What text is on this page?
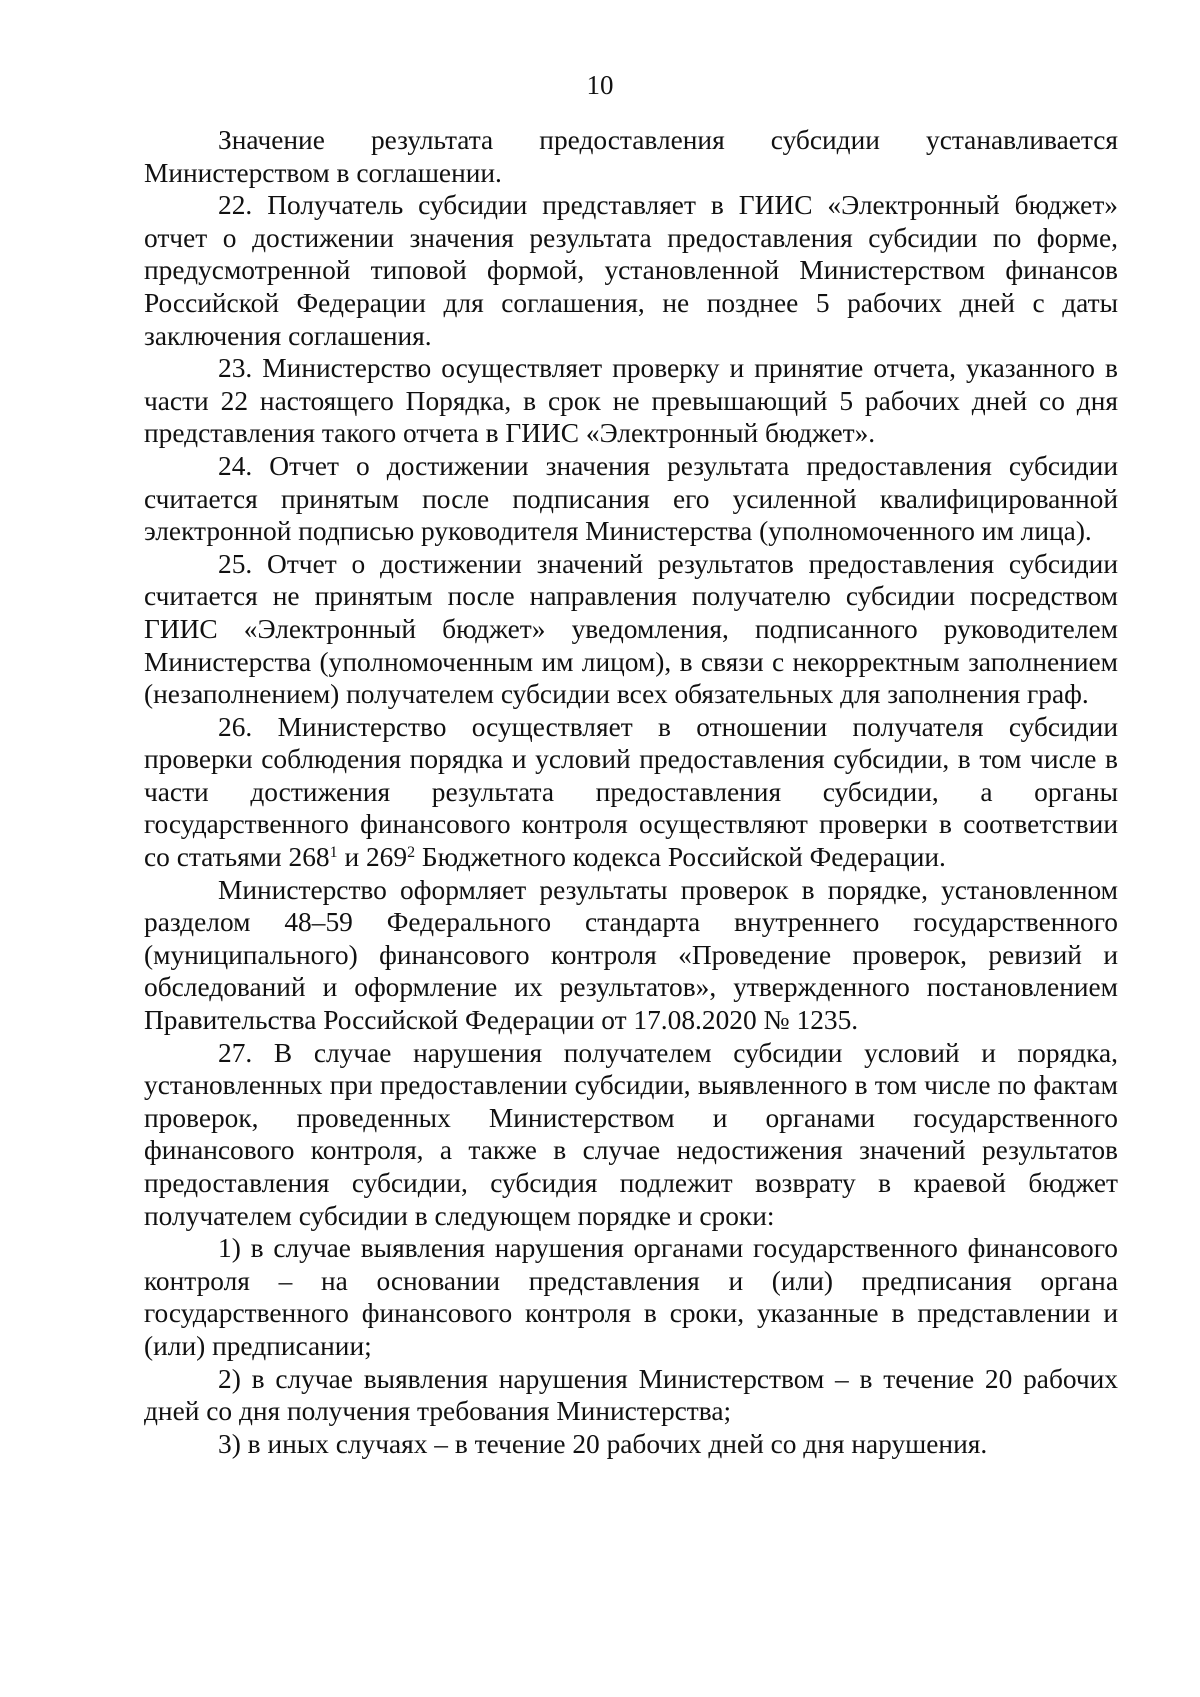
10

Значение результата предоставления субсидии устанавливается Министерством в соглашении.

22. Получатель субсидии представляет в ГИИС «Электронный бюджет» отчет о достижении значения результата предоставления субсидии по форме, предусмотренной типовой формой, установленной Министерством финансов Российской Федерации для соглашения, не позднее 5 рабочих дней с даты заключения соглашения.

23. Министерство осуществляет проверку и принятие отчета, указанного в части 22 настоящего Порядка, в срок не превышающий 5 рабочих дней со дня представления такого отчета в ГИИС «Электронный бюджет».

24. Отчет о достижении значения результата предоставления субсидии считается принятым после подписания его усиленной квалифицированной электронной подписью руководителя Министерства (уполномоченного им лица).

25. Отчет о достижении значений результатов предоставления субсидии считается не принятым после направления получателю субсидии посредством ГИИС «Электронный бюджет» уведомления, подписанного руководителем Министерства (уполномоченным им лицом), в связи с некорректным заполнением (незаполнением) получателем субсидии всех обязательных для заполнения граф.

26. Министерство осуществляет в отношении получателя субсидии проверки соблюдения порядка и условий предоставления субсидии, в том числе в части достижения результата предоставления субсидии, а органы государственного финансового контроля осуществляют проверки в соответствии со статьями $268^1$ и $269^2$ Бюджетного кодекса Российской Федерации.

Министерство оформляет результаты проверок в порядке, установленном разделом 48–59 Федерального стандарта внутреннего государственного (муниципального) финансового контроля «Проведение проверок, ревизий и обследований и оформление их результатов», утвержденного постановлением Правительства Российской Федерации от 17.08.2020 № 1235.

27. В случае нарушения получателем субсидии условий и порядка, установленных при предоставлении субсидии, выявленного в том числе по фактам проверок, проведенных Министерством и органами государственного финансового контроля, а также в случае недостижения значений результатов предоставления субсидии, субсидия подлежит возврату в краевой бюджет получателем субсидии в следующем порядке и сроки:

1) в случае выявления нарушения органами государственного финансового контроля – на основании представления и (или) предписания органа государственного финансового контроля в сроки, указанные в представлении и (или) предписании;

2) в случае выявления нарушения Министерством – в течение 20 рабочих дней со дня получения требования Министерства;

3) в иных случаях – в течение 20 рабочих дней со дня нарушения.
